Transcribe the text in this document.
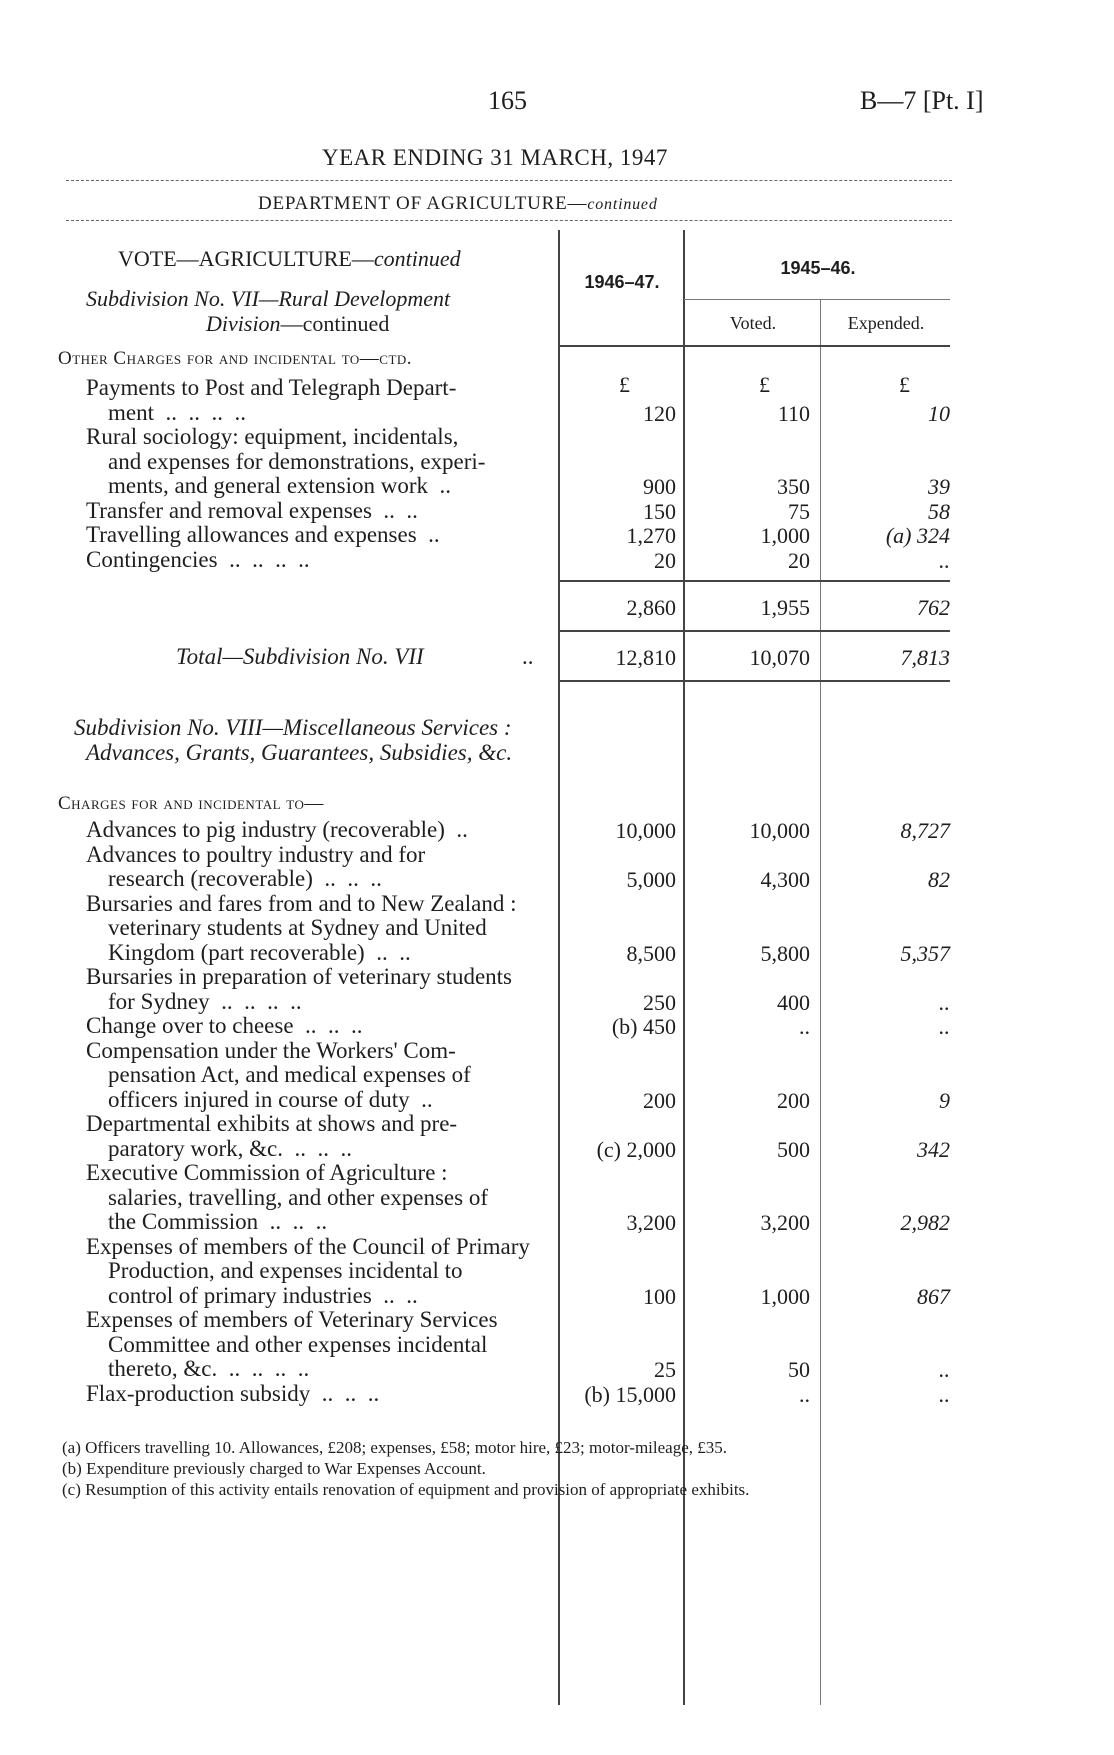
165	B—7 [Pt. I]
YEAR ENDING 31 MARCH, 1947
DEPARTMENT OF AGRICULTURE—continued
VOTE—AGRICULTURE—continued
Subdivision No. VII—Rural Development
Division—continued
1946–47.
1945–46.
Voted.	Expended.
Other Charges for and incidental to—ctd.
£	£	£
Payments to Post and Telegraph Depart-
ment  ..  ..  ..  ..	120	110	10
Rural sociology: equipment, incidentals,
and expenses for demonstrations, experi-
ments, and general extension work  ..	900	350	39
Transfer and removal expenses  ..  ..	150	75	58
Travelling allowances and expenses  ..	1,270	1,000	(a) 324
Contingencies  ..  ..  ..  ..	20	20	..
2,860	1,955	762
Total—Subdivision No. VII	..	12,810	10,070	7,813
Subdivision No. VIII—Miscellaneous Services :
Advances, Grants, Guarantees, Subsidies, &c.
Charges for and incidental to—
Advances to pig industry (recoverable)  ..	10,000	10,000	8,727
Advances to poultry industry and for
research (recoverable)  ..  ..  ..	5,000	4,300	82
Bursaries and fares from and to New Zealand :
veterinary students at Sydney and United
Kingdom (part recoverable)  ..  ..	8,500	5,800	5,357
Bursaries in preparation of veterinary students
for Sydney  ..  ..  ..  ..	250	400	..
Change over to cheese  ..  ..  ..	(b) 450	..	..
Compensation under the Workers' Com-
pensation Act, and medical expenses of
officers injured in course of duty  ..	200	200	9
Departmental exhibits at shows and pre-
paratory work, &c.  ..  ..  ..	(c) 2,000	500	342
Executive Commission of Agriculture :
salaries, travelling, and other expenses of
the Commission  ..  ..  ..	3,200	3,200	2,982
Expenses of members of the Council of Primary
Production, and expenses incidental to
control of primary industries  ..  ..	100	1,000	867
Expenses of members of Veterinary Services
Committee and other expenses incidental
thereto, &c.  ..  ..  ..  ..	25	50	..
Flax-production subsidy  ..  ..  ..	(b) 15,000	..	..
(a) Officers travelling 10. Allowances, £208; expenses, £58; motor hire, £23; motor-mileage, £35.
(b) Expenditure previously charged to War Expenses Account.
(c) Resumption of this activity entails renovation of equipment and provision of appropriate exhibits.
